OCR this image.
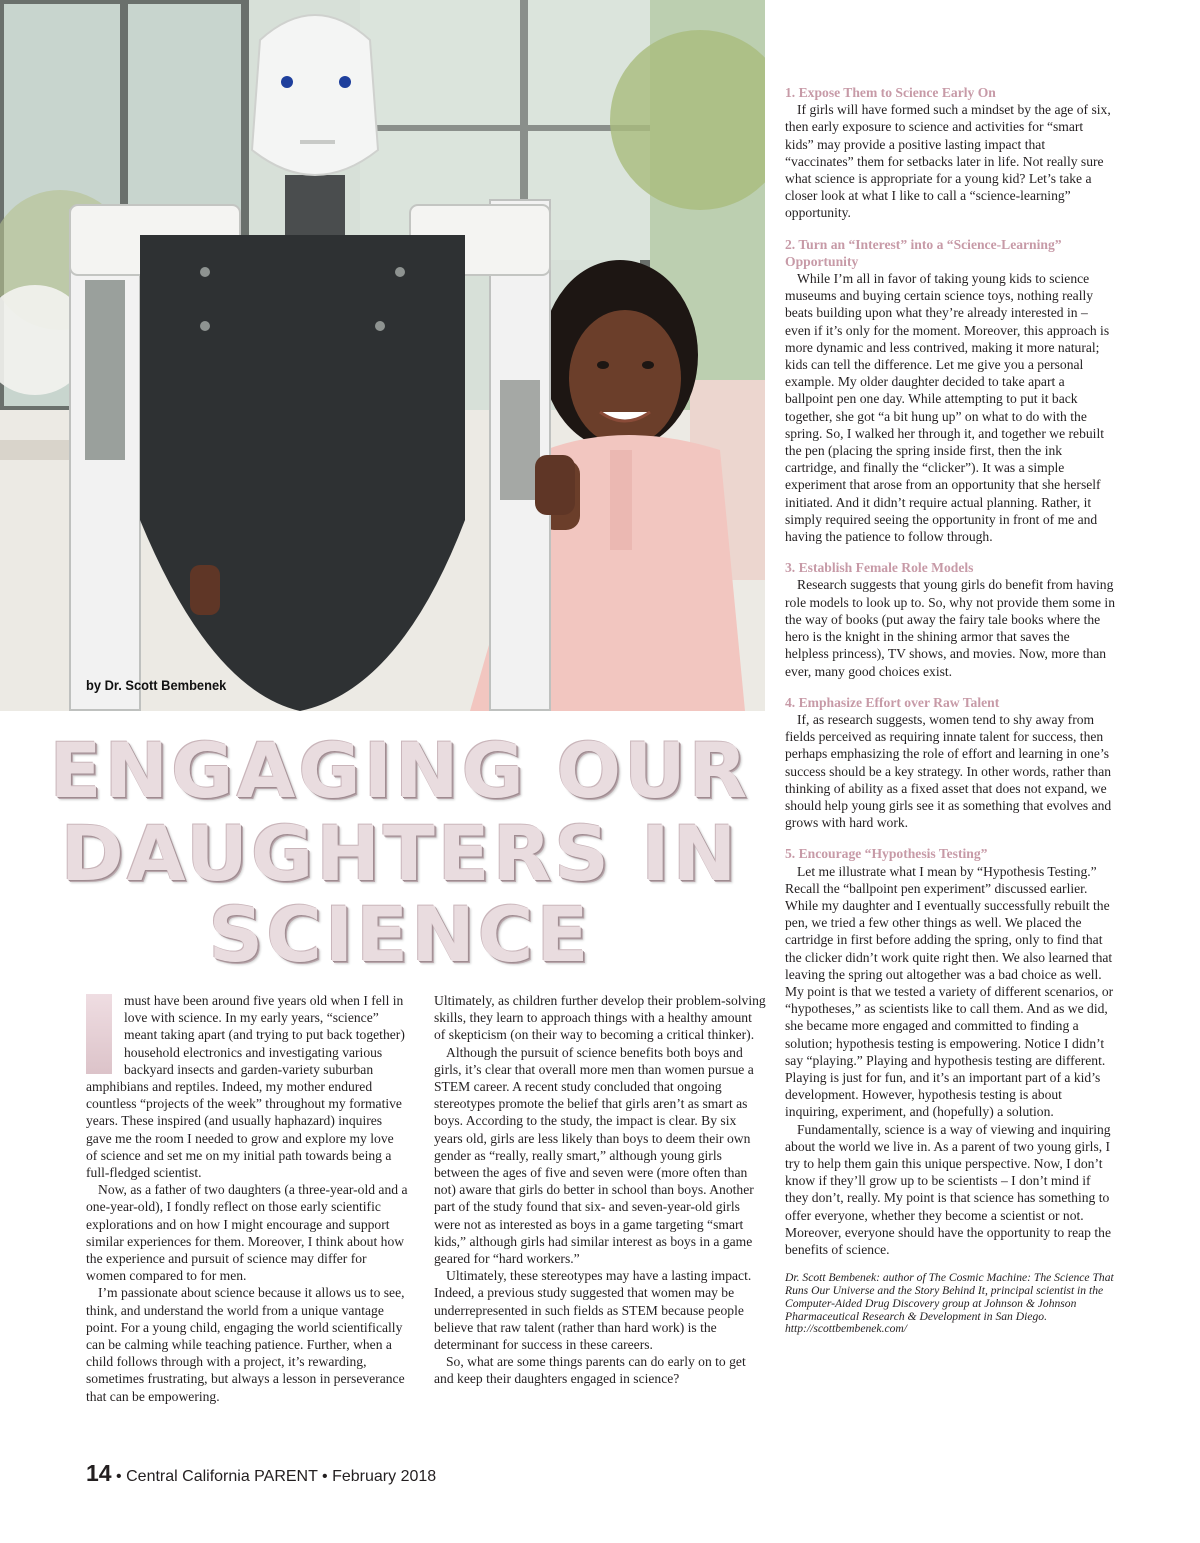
by Dr. Scott Bembenek
ENGAGING OUR
DAUGHTERS IN
SCIENCE

must have been around five years old when I fell in love with science. In my early years, “science” meant taking apart (and trying to put back together) household electronics and investigating various backyard insects and garden-variety suburban amphibians and reptiles. Indeed, my mother endured countless “projects of the week” throughout my formative years. These inspired (and usually haphazard) inquires gave me the room I needed to grow and explore my love of science and set me on my initial path towards being a full-fledged scientist.

Now, as a father of two daughters (a three-year-old and a one-year-old), I fondly reflect on those early scientific explorations and on how I might encourage and support similar experiences for them. Moreover, I think about how the experience and pursuit of science may differ for women compared to for men.

I’m passionate about science because it allows us to see, think, and understand the world from a unique vantage point. For a young child, engaging the world scientifically can be calming while teaching patience. Further, when a child follows through with a project, it’s rewarding, sometimes frustrating, but always a lesson in perseverance that can be empowering.

Ultimately, as children further develop their problem-solving skills, they learn to approach things with a healthy amount of skepticism (on their way to becoming a critical thinker).

Although the pursuit of science benefits both boys and girls, it’s clear that overall more men than women pursue a STEM career. A recent study concluded that ongoing stereotypes promote the belief that girls aren’t as smart as boys. According to the study, the impact is clear. By six years old, girls are less likely than boys to deem their own gender as “really, really smart,” although young girls between the ages of five and seven were (more often than not) aware that girls do better in school than boys. Another part of the study found that six- and seven-year-old girls were not as interested as boys in a game targeting “smart kids,” although girls had similar interest as boys in a game geared for “hard workers.”

Ultimately, these stereotypes may have a lasting impact. Indeed, a previous study suggested that women may be underrepresented in such fields as STEM because people believe that raw talent (rather than hard work) is the determinant for success in these careers.

So, what are some things parents can do early on to get and keep their daughters engaged in science?

1. Expose Them to Science Early On

If girls will have formed such a mindset by the age of six, then early exposure to science and activities for “smart kids” may provide a positive lasting impact that “vaccinates” them for setbacks later in life. Not really sure what science is appropriate for a young kid? Let’s take a closer look at what I like to call a “science-learning” opportunity.

2. Turn an “Interest” into a “Science-Learning” Opportunity

While I’m all in favor of taking young kids to science museums and buying certain science toys, nothing really beats building upon what they’re already interested in – even if it’s only for the moment. Moreover, this approach is more dynamic and less contrived, making it more natural; kids can tell the difference. Let me give you a personal example. My older daughter decided to take apart a ballpoint pen one day. While attempting to put it back together, she got “a bit hung up” on what to do with the spring. So, I walked her through it, and together we rebuilt the pen (placing the spring inside first, then the ink cartridge, and finally the “clicker”). It was a simple experiment that arose from an opportunity that she herself initiated. And it didn’t require actual planning. Rather, it simply required seeing the opportunity in front of me and having the patience to follow through.

3. Establish Female Role Models

Research suggests that young girls do benefit from having role models to look up to. So, why not provide them some in the way of books (put away the fairy tale books where the hero is the knight in the shining armor that saves the helpless princess), TV shows, and movies. Now, more than ever, many good choices exist.

4. Emphasize Effort over Raw Talent

If, as research suggests, women tend to shy away from fields perceived as requiring innate talent for success, then perhaps emphasizing the role of effort and learning in one’s success should be a key strategy. In other words, rather than thinking of ability as a fixed asset that does not expand, we should help young girls see it as something that evolves and grows with hard work.

5. Encourage “Hypothesis Testing”

Let me illustrate what I mean by “Hypothesis Testing.” Recall the “ballpoint pen experiment” discussed earlier. While my daughter and I eventually successfully rebuilt the pen, we tried a few other things as well. We placed the cartridge in first before adding the spring, only to find that the clicker didn’t work quite right then. We also learned that leaving the spring out altogether was a bad choice as well. My point is that we tested a variety of different scenarios, or “hypotheses,” as scientists like to call them. And as we did, she became more engaged and committed to finding a solution; hypothesis testing is empowering. Notice I didn’t say “playing.” Playing and hypothesis testing are different. Playing is just for fun, and it’s an important part of a kid’s development. However, hypothesis testing is about inquiring, experiment, and (hopefully) a solution.

Fundamentally, science is a way of viewing and inquiring about the world we live in. As a parent of two young girls, I try to help them gain this unique perspective. Now, I don’t know if they’ll grow up to be scientists – I don’t mind if they don’t, really. My point is that science has something to offer everyone, whether they become a scientist or not. Moreover, everyone should have the opportunity to reap the benefits of science.

Dr. Scott Bembenek: author of The Cosmic Machine: The Science That Runs Our Universe and the Story Behind It, principal scientist in the Computer-Aided Drug Discovery group at Johnson & Johnson Pharmaceutical Research & Development in San Diego.
http://scottbembenek.com/
14 • Central California PARENT • February 2018
